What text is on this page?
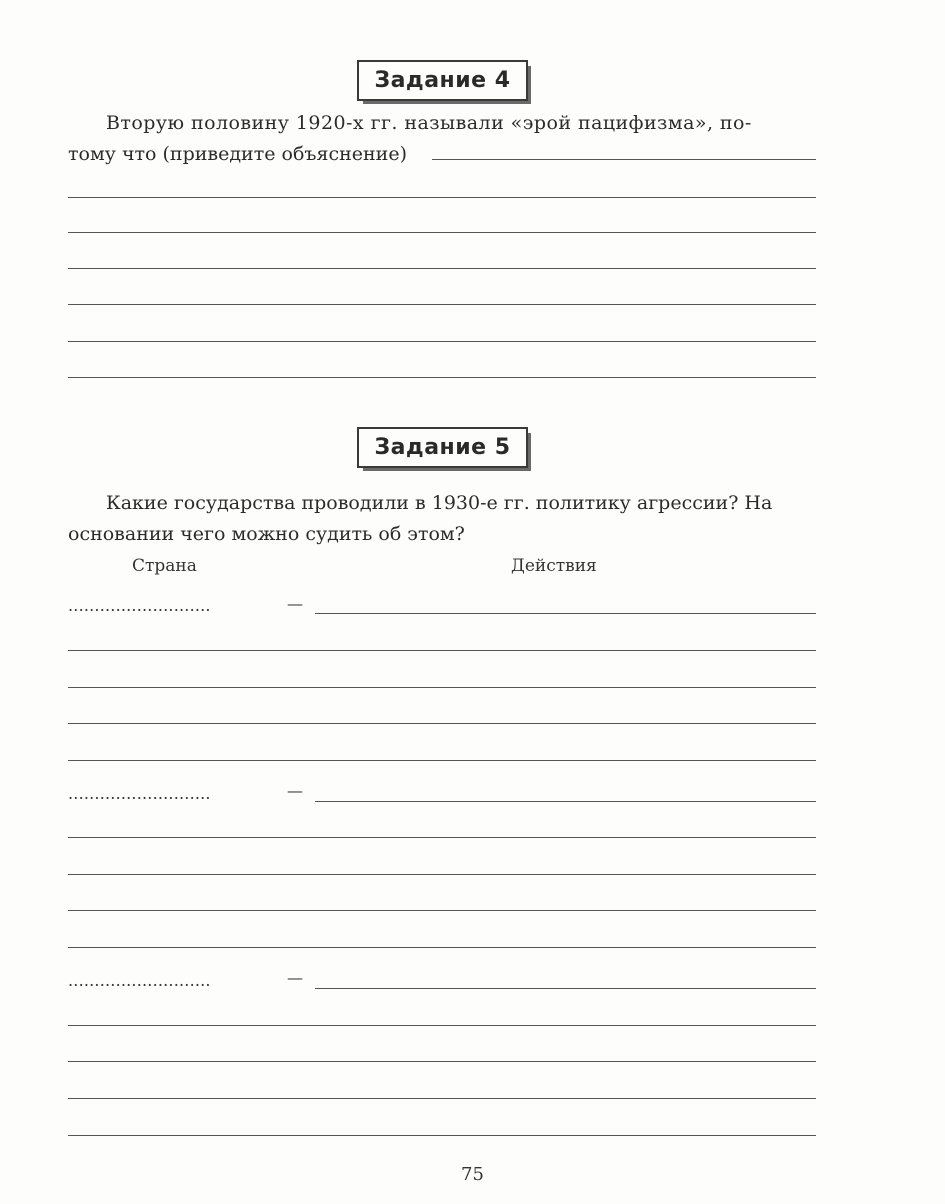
Задание 4
Вторую половину 1920-х гг. называли «эрой пацифизма», по-
тому что (приведите объяснение)
Задание 5
Какие государства проводили в 1930-е гг. политику агрессии? На
основании чего можно судить об этом?
Страна	Действия
...........................	—
...........................	—
...........................	—
75
